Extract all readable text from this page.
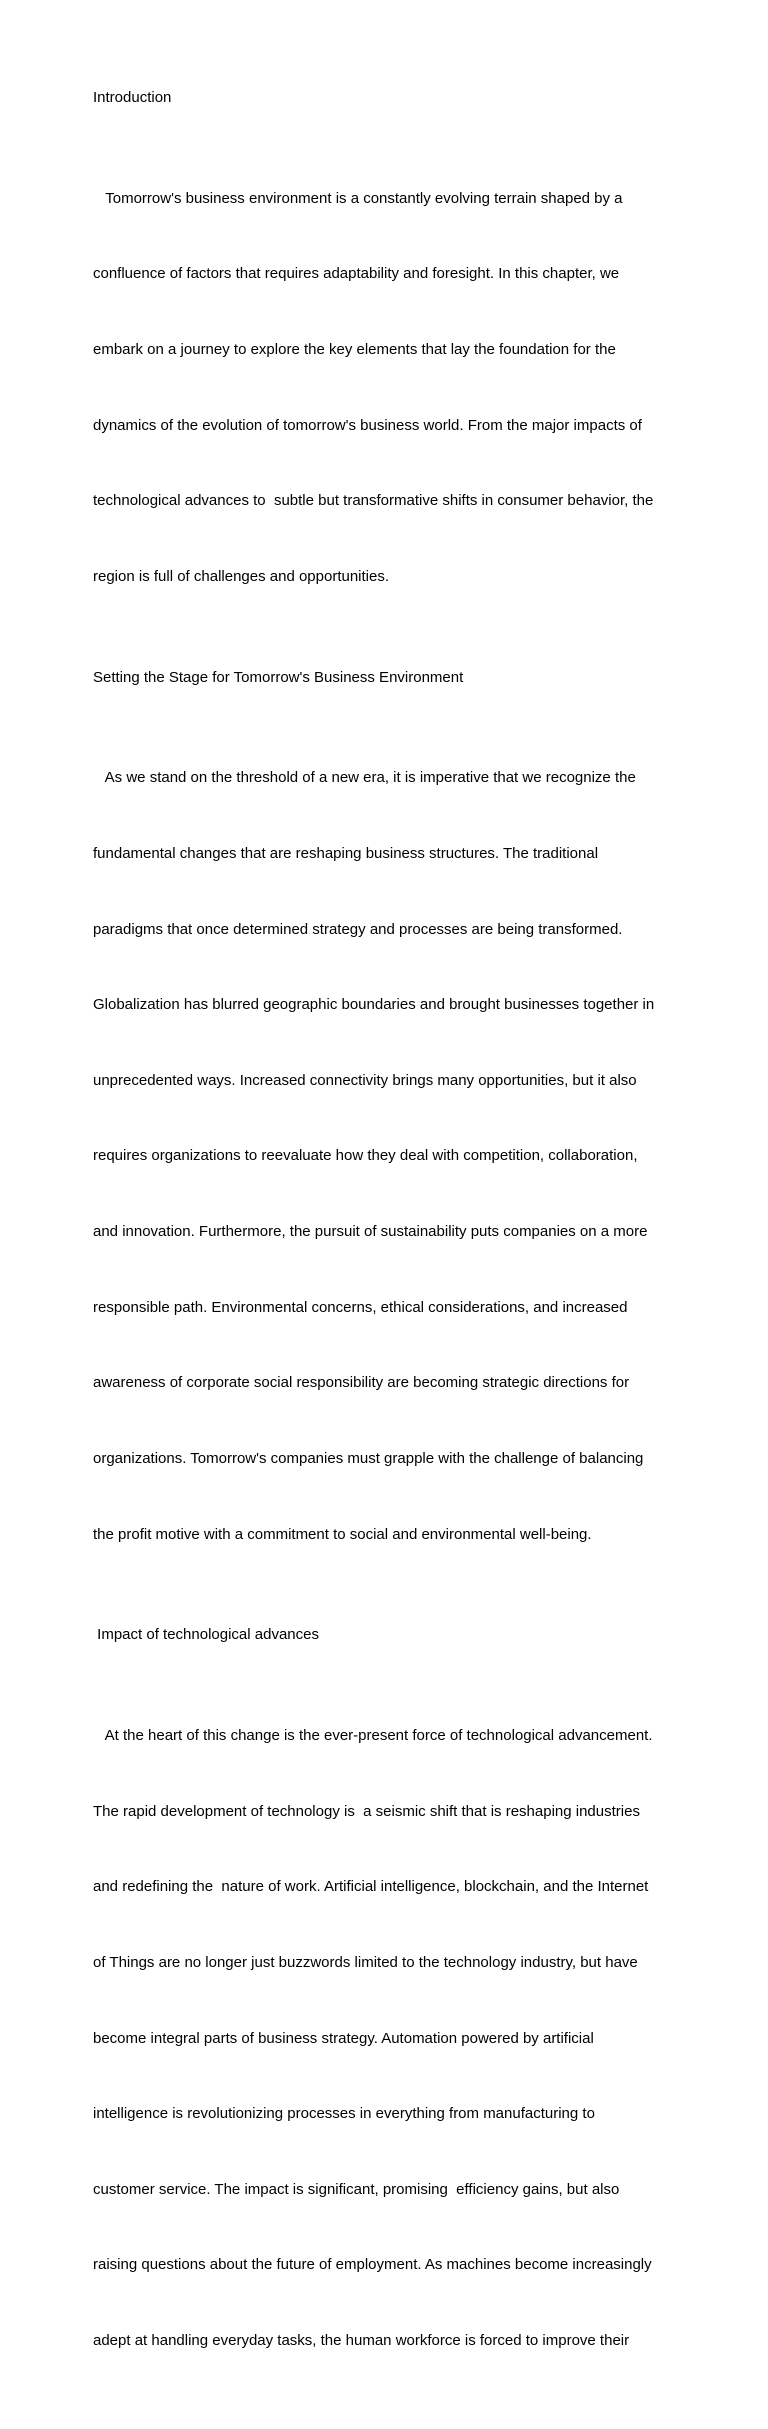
Introduction

Tomorrow's business environment is a constantly evolving terrain shaped by a

confluence of factors that requires adaptability and foresight. In this chapter, we

embark on a journey to explore the key elements that lay the foundation for the

dynamics of the evolution of tomorrow's business world. From the major impacts of

technological advances to  subtle but transformative shifts in consumer behavior, the

region is full of challenges and opportunities.

Setting the Stage for Tomorrow's Business Environment

As we stand on the threshold of a new era, it is imperative that we recognize the

fundamental changes that are reshaping business structures. The traditional

paradigms that once determined strategy and processes are being transformed.

Globalization has blurred geographic boundaries and brought businesses together in

unprecedented ways. Increased connectivity brings many opportunities, but it also

requires organizations to reevaluate how they deal with competition, collaboration,

and innovation. Furthermore, the pursuit of sustainability puts companies on a more

responsible path. Environmental concerns, ethical considerations, and increased

awareness of corporate social responsibility are becoming strategic directions for

organizations. Tomorrow's companies must grapple with the challenge of balancing

the profit motive with a commitment to social and environmental well-being.

Impact of technological advances

At the heart of this change is the ever-present force of technological advancement.

The rapid development of technology is  a seismic shift that is reshaping industries

and redefining the  nature of work. Artificial intelligence, blockchain, and the Internet

of Things are no longer just buzzwords limited to the technology industry, but have

become integral parts of business strategy. Automation powered by artificial

intelligence is revolutionizing processes in everything from manufacturing to

customer service. The impact is significant, promising  efficiency gains, but also

raising questions about the future of employment. As machines become increasingly

adept at handling everyday tasks, the human workforce is forced to improve their
